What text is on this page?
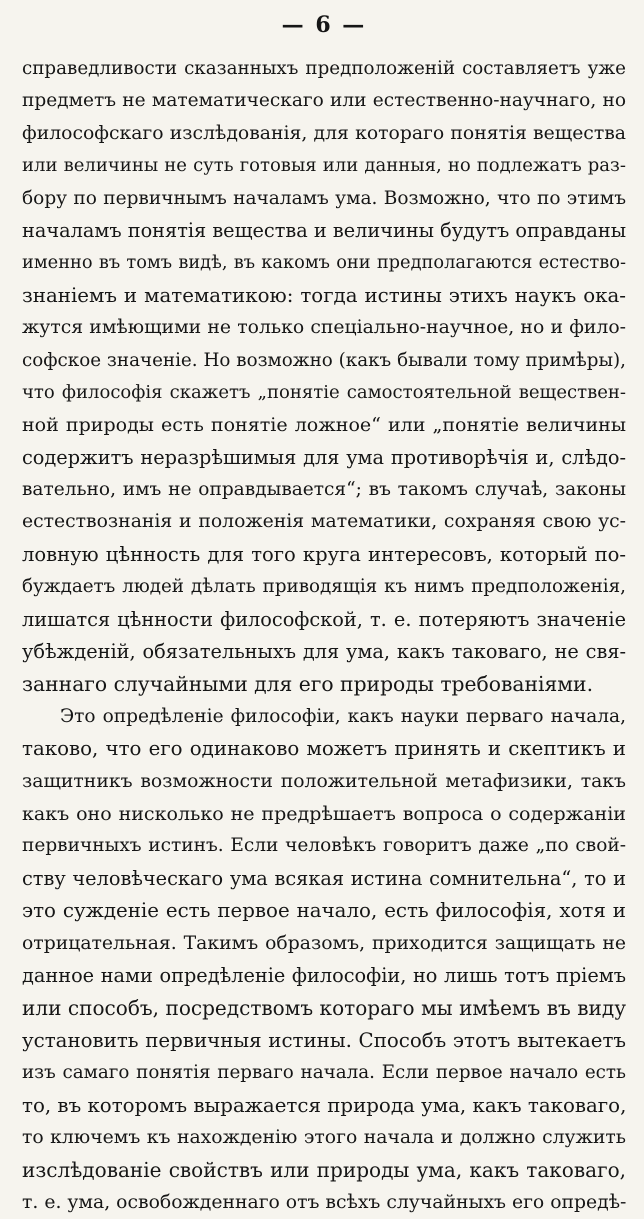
— 6 —
справедливости сказанныхъ предположеній составляетъ уже
предметъ не математическаго или естественно-научнаго, но
философскаго изслѣдованія, для котораго понятія вещества
или величины не суть готовыя или данныя, но подлежатъ раз-
бору по первичнымъ началамъ ума. Возможно, что по этимъ
началамъ понятія вещества и величины будутъ оправданы
именно въ томъ видѣ, въ какомъ они предполагаются естество-
знаніемъ и математикою: тогда истины этихъ наукъ ока-
жутся имѣющими не только спеціально-научное, но и фило-
софское значеніе. Но возможно (какъ бывали тому примѣры),
что философія скажетъ „понятіе самостоятельной веществен-
ной природы есть понятіе ложное“ или „понятіе величины
содержитъ неразрѣшимыя для ума противорѣчія и, слѣдо-
вательно, имъ не оправдывается“; въ такомъ случаѣ, законы
естествознанія и положенія математики, сохраняя свою ус-
ловную цѣнность для того круга интересовъ, который по-
буждаетъ людей дѣлать приводящія къ нимъ предположенія,
лишатся цѣнности философской, т. е. потеряютъ значеніе
убѣжденій, обязательныхъ для ума, какъ таковаго, не свя-
заннаго случайными для его природы требованіями.
Это опредѣленіе философіи, какъ науки перваго начала,
таково, что его одинаково можетъ принять и скептикъ и
защитникъ возможности положительной метафизики, такъ
какъ оно нисколько не предрѣшаетъ вопроса о содержаніи
первичныхъ истинъ. Если человѣкъ говоритъ даже „по свой-
ству человѣческаго ума всякая истина сомнительна“, то и
это сужденіе есть первое начало, есть философія, хотя и
отрицательная. Такимъ образомъ, приходится защищать не
данное нами опредѣленіе философіи, но лишь тотъ пріемъ
или способъ, посредствомъ котораго мы имѣемъ въ виду
установить первичныя истины. Способъ этотъ вытекаетъ
изъ самаго понятія перваго начала. Если первое начало есть
то, въ которомъ выражается природа ума, какъ таковаго,
то ключемъ къ нахожденію этого начала и должно служить
изслѣдованіе свойствъ или природы ума, какъ таковаго,
т. е. ума, освобожденнаго отъ всѣхъ случайныхъ его опредѣ-
